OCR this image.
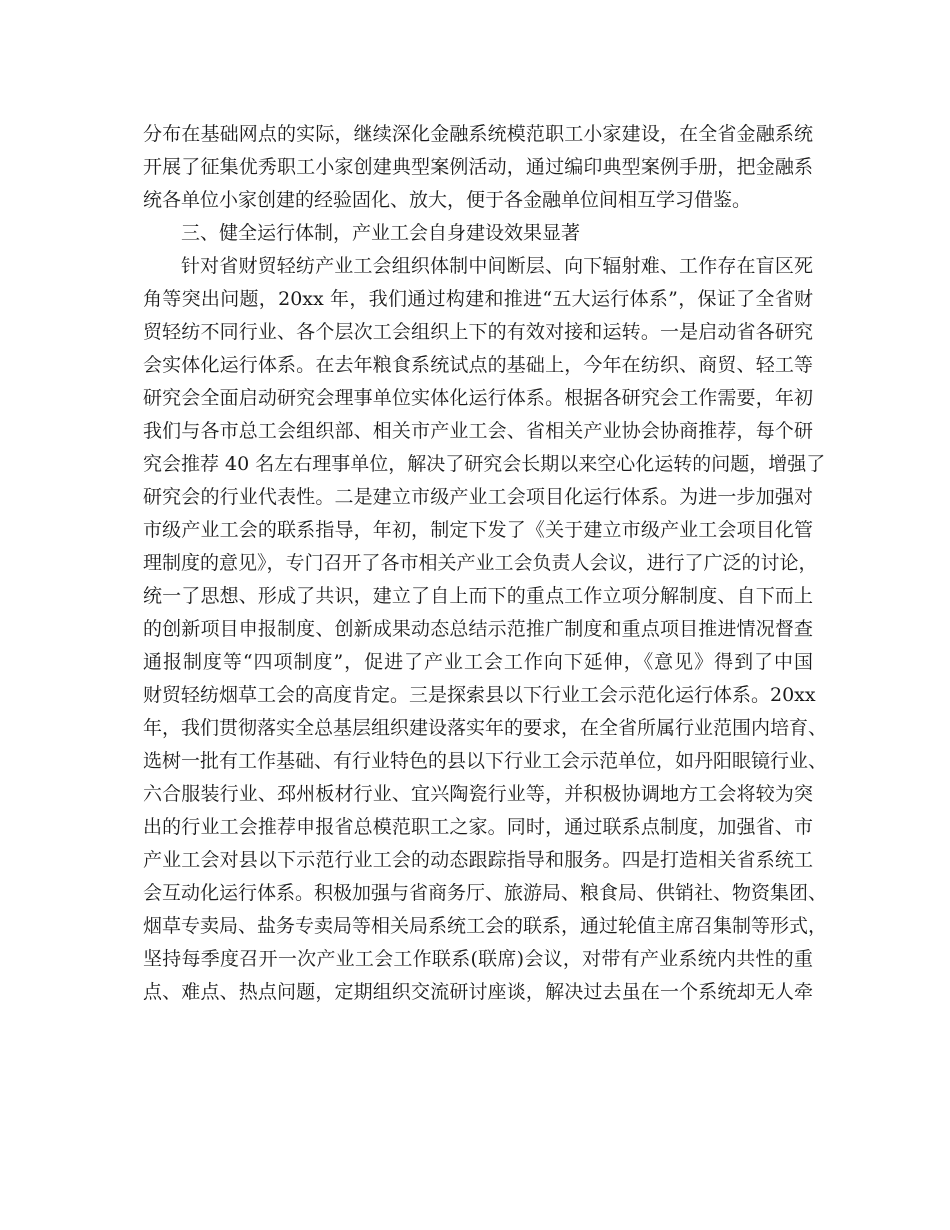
分布在基础网点的实际，继续深化金融系统模范职工小家建设，在全省金融系统
开展了征集优秀职工小家创建典型案例活动，通过编印典型案例手册，把金融系
统各单位小家创建的经验固化、放大，便于各金融单位间相互学习借鉴。
三、健全运行体制，产业工会自身建设效果显著
针对省财贸轻纺产业工会组织体制中间断层、向下辐射难、工作存在盲区死
角等突出问题，20xx 年，我们通过构建和推进“五大运行体系”，保证了全省财
贸轻纺不同行业、各个层次工会组织上下的有效对接和运转。一是启动省各研究
会实体化运行体系。在去年粮食系统试点的基础上，今年在纺织、商贸、轻工等
研究会全面启动研究会理事单位实体化运行体系。根据各研究会工作需要，年初
我们与各市总工会组织部、相关市产业工会、省相关产业协会协商推荐，每个研
究会推荐 40 名左右理事单位，解决了研究会长期以来空心化运转的问题，增强了
研究会的行业代表性。二是建立市级产业工会项目化运行体系。为进一步加强对
市级产业工会的联系指导，年初，制定下发了《关于建立市级产业工会项目化管
理制度的意见》，专门召开了各市相关产业工会负责人会议，进行了广泛的讨论，
统一了思想、形成了共识，建立了自上而下的重点工作立项分解制度、自下而上
的创新项目申报制度、创新成果动态总结示范推广制度和重点项目推进情况督查
通报制度等“四项制度”，促进了产业工会工作向下延伸，《意见》得到了中国
财贸轻纺烟草工会的高度肯定。三是探索县以下行业工会示范化运行体系。20xx
年，我们贯彻落实全总基层组织建设落实年的要求，在全省所属行业范围内培育、
选树一批有工作基础、有行业特色的县以下行业工会示范单位，如丹阳眼镜行业、
六合服装行业、邳州板材行业、宜兴陶瓷行业等，并积极协调地方工会将较为突
出的行业工会推荐申报省总模范职工之家。同时，通过联系点制度，加强省、市
产业工会对县以下示范行业工会的动态跟踪指导和服务。四是打造相关省系统工
会互动化运行体系。积极加强与省商务厅、旅游局、粮食局、供销社、物资集团、
烟草专卖局、盐务专卖局等相关局系统工会的联系，通过轮值主席召集制等形式，
坚持每季度召开一次产业工会工作联系(联席)会议，对带有产业系统内共性的重
点、难点、热点问题，定期组织交流研讨座谈，解决过去虽在一个系统却无人牵
